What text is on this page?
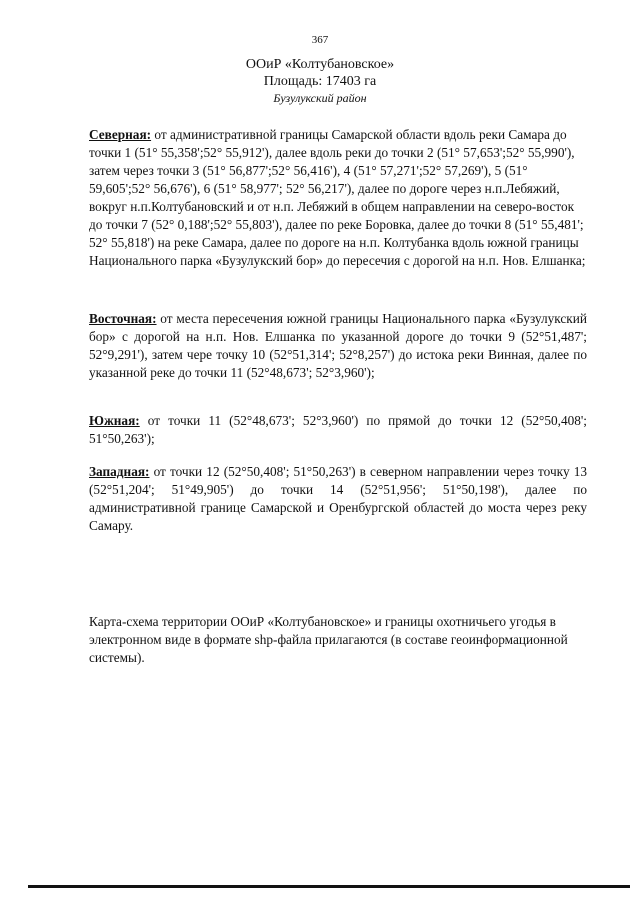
367
ООиР «Колтубановское»
Площадь: 17403 га
Бузулукский район
Северная: от административной границы Самарской области вдоль реки Самара до точки 1 (51° 55,358';52° 55,912'), далее вдоль реки до точки 2 (51° 57,653';52° 55,990'), затем через точки 3 (51° 56,877';52° 56,416'), 4 (51° 57,271';52° 57,269'), 5 (51° 59,605';52° 56,676'), 6 (51° 58,977'; 52° 56,217'), далее по дороге через н.п.Лебяжий, вокруг н.п.Колтубановский и от н.п. Лебяжий в общем направлении на северо-восток до точки 7 (52° 0,188';52° 55,803'), далее по реке Боровка, далее до точки 8 (51° 55,481'; 52° 55,818') на реке Самара, далее по дороге на н.п. Колтубанка вдоль южной границы Национального парка «Бузулукский бор» до пересечия с дорогой на н.п. Нов. Елшанка;
Восточная: от места пересечения южной границы Национального парка «Бузулукский бор» с дорогой на н.п. Нов. Елшанка по указанной дороге до точки 9 (52°51,487'; 52°9,291'), затем чере точку 10 (52°51,314'; 52°8,257') до истока реки Винная, далее по указанной реке до точки 11 (52°48,673'; 52°3,960');
Южная: от точки 11 (52°48,673'; 52°3,960') по прямой до точки 12 (52°50,408'; 51°50,263');
Западная: от точки 12 (52°50,408'; 51°50,263') в северном направлении через точку 13 (52°51,204'; 51°49,905') до точки 14 (52°51,956'; 51°50,198'), далее по административной границе Самарской и Оренбургской областей до моста через реку Самару.
Карта-схема территории ООиР «Колтубановское» и границы охотничьего угодья в электронном виде в формате shp-файла прилагаются (в составе геоинформационной системы).
